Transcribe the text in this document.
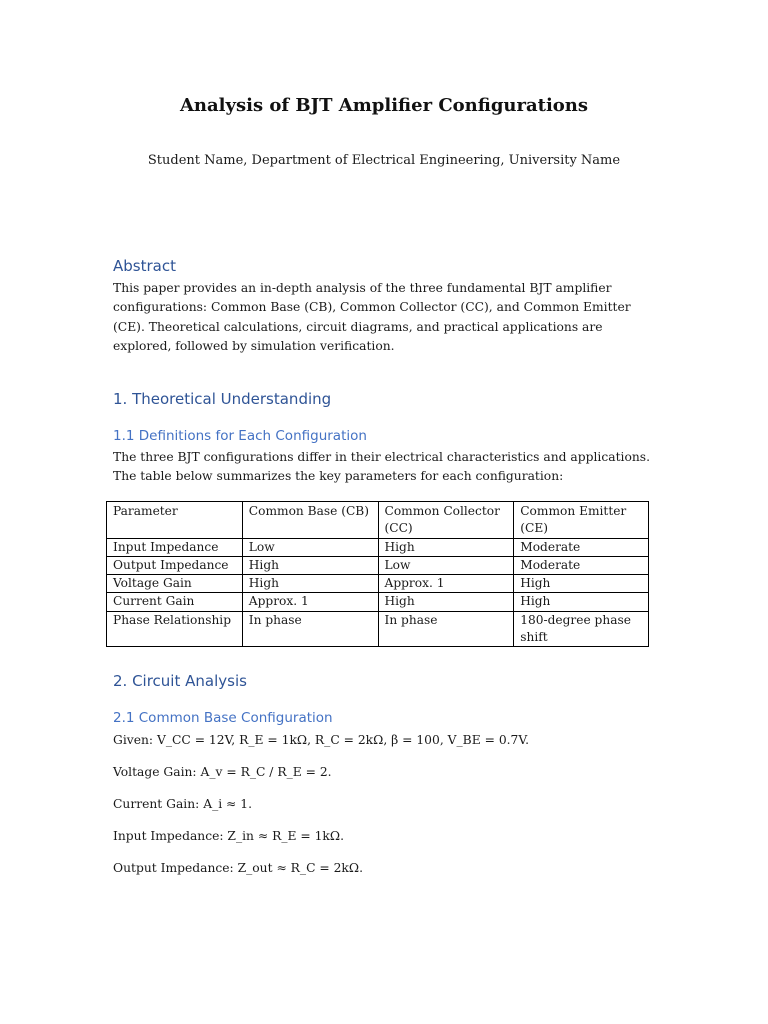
Analysis of BJT Amplifier Configurations
Student Name, Department of Electrical Engineering, University Name
Abstract
This paper provides an in-depth analysis of the three fundamental BJT amplifier configurations: Common Base (CB), Common Collector (CC), and Common Emitter (CE). Theoretical calculations, circuit diagrams, and practical applications are explored, followed by simulation verification.
1. Theoretical Understanding
1.1 Definitions for Each Configuration
The three BJT configurations differ in their electrical characteristics and applications. The table below summarizes the key parameters for each configuration:
Parameter	Common Base (CB)	Common Collector (CC)	Common Emitter (CE)
Input Impedance	Low	High	Moderate
Output Impedance	High	Low	Moderate
Voltage Gain	High	Approx. 1	High
Current Gain	Approx. 1	High	High
Phase Relationship	In phase	In phase	180-degree phase shift
2. Circuit Analysis
2.1 Common Base Configuration
Given: V_CC = 12V, R_E = 1kΩ, R_C = 2kΩ, β = 100, V_BE = 0.7V.
Voltage Gain: A_v = R_C / R_E = 2.
Current Gain: A_i ≈ 1.
Input Impedance: Z_in ≈ R_E = 1kΩ.
Output Impedance: Z_out ≈ R_C = 2kΩ.
